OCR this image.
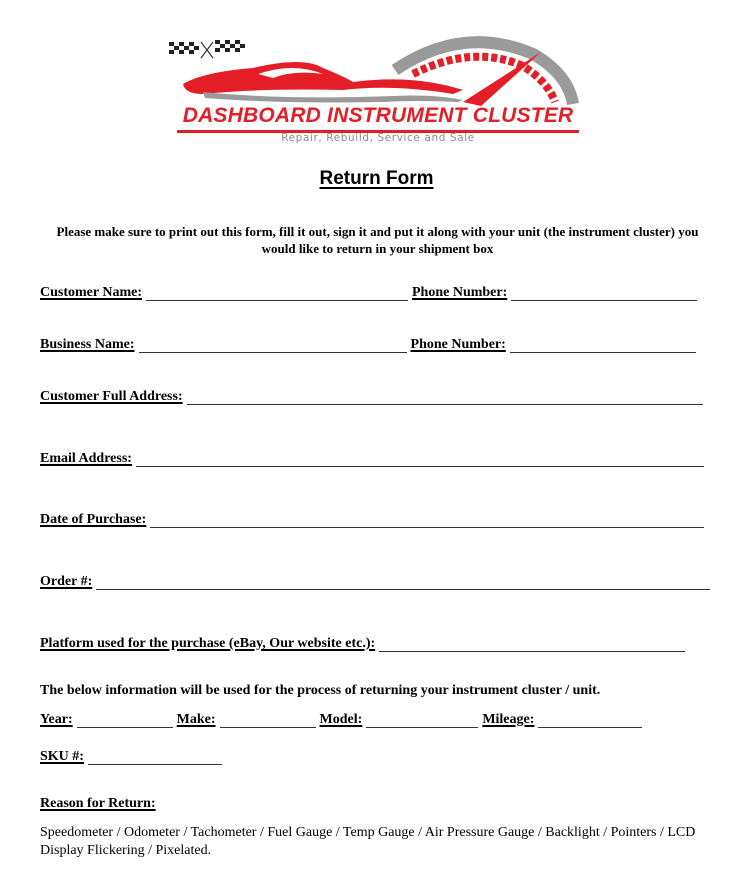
DASHBOARD INSTRUMENT CLUSTER
Repair, Rebuild, Service and Sale
Return Form
Please make sure to print out this form, fill it out, sign it and put it along with your unit (the instrument cluster) you would like to return in your shipment box
Customer Name:	Phone Number:
Business Name:	Phone Number:
Customer Full Address:
Email Address:
Date of Purchase:
Order #:
Platform used for the purchase (eBay, Our website etc.):
The below information will be used for the process of returning your instrument cluster / unit.
Year:	Make:	Model:	Mileage:
SKU #:
Reason for Return:
Speedometer / Odometer / Tachometer / Fuel Gauge / Temp Gauge / Air Pressure Gauge / Backlight / Pointers / LCD Display Flickering / Pixelated.
